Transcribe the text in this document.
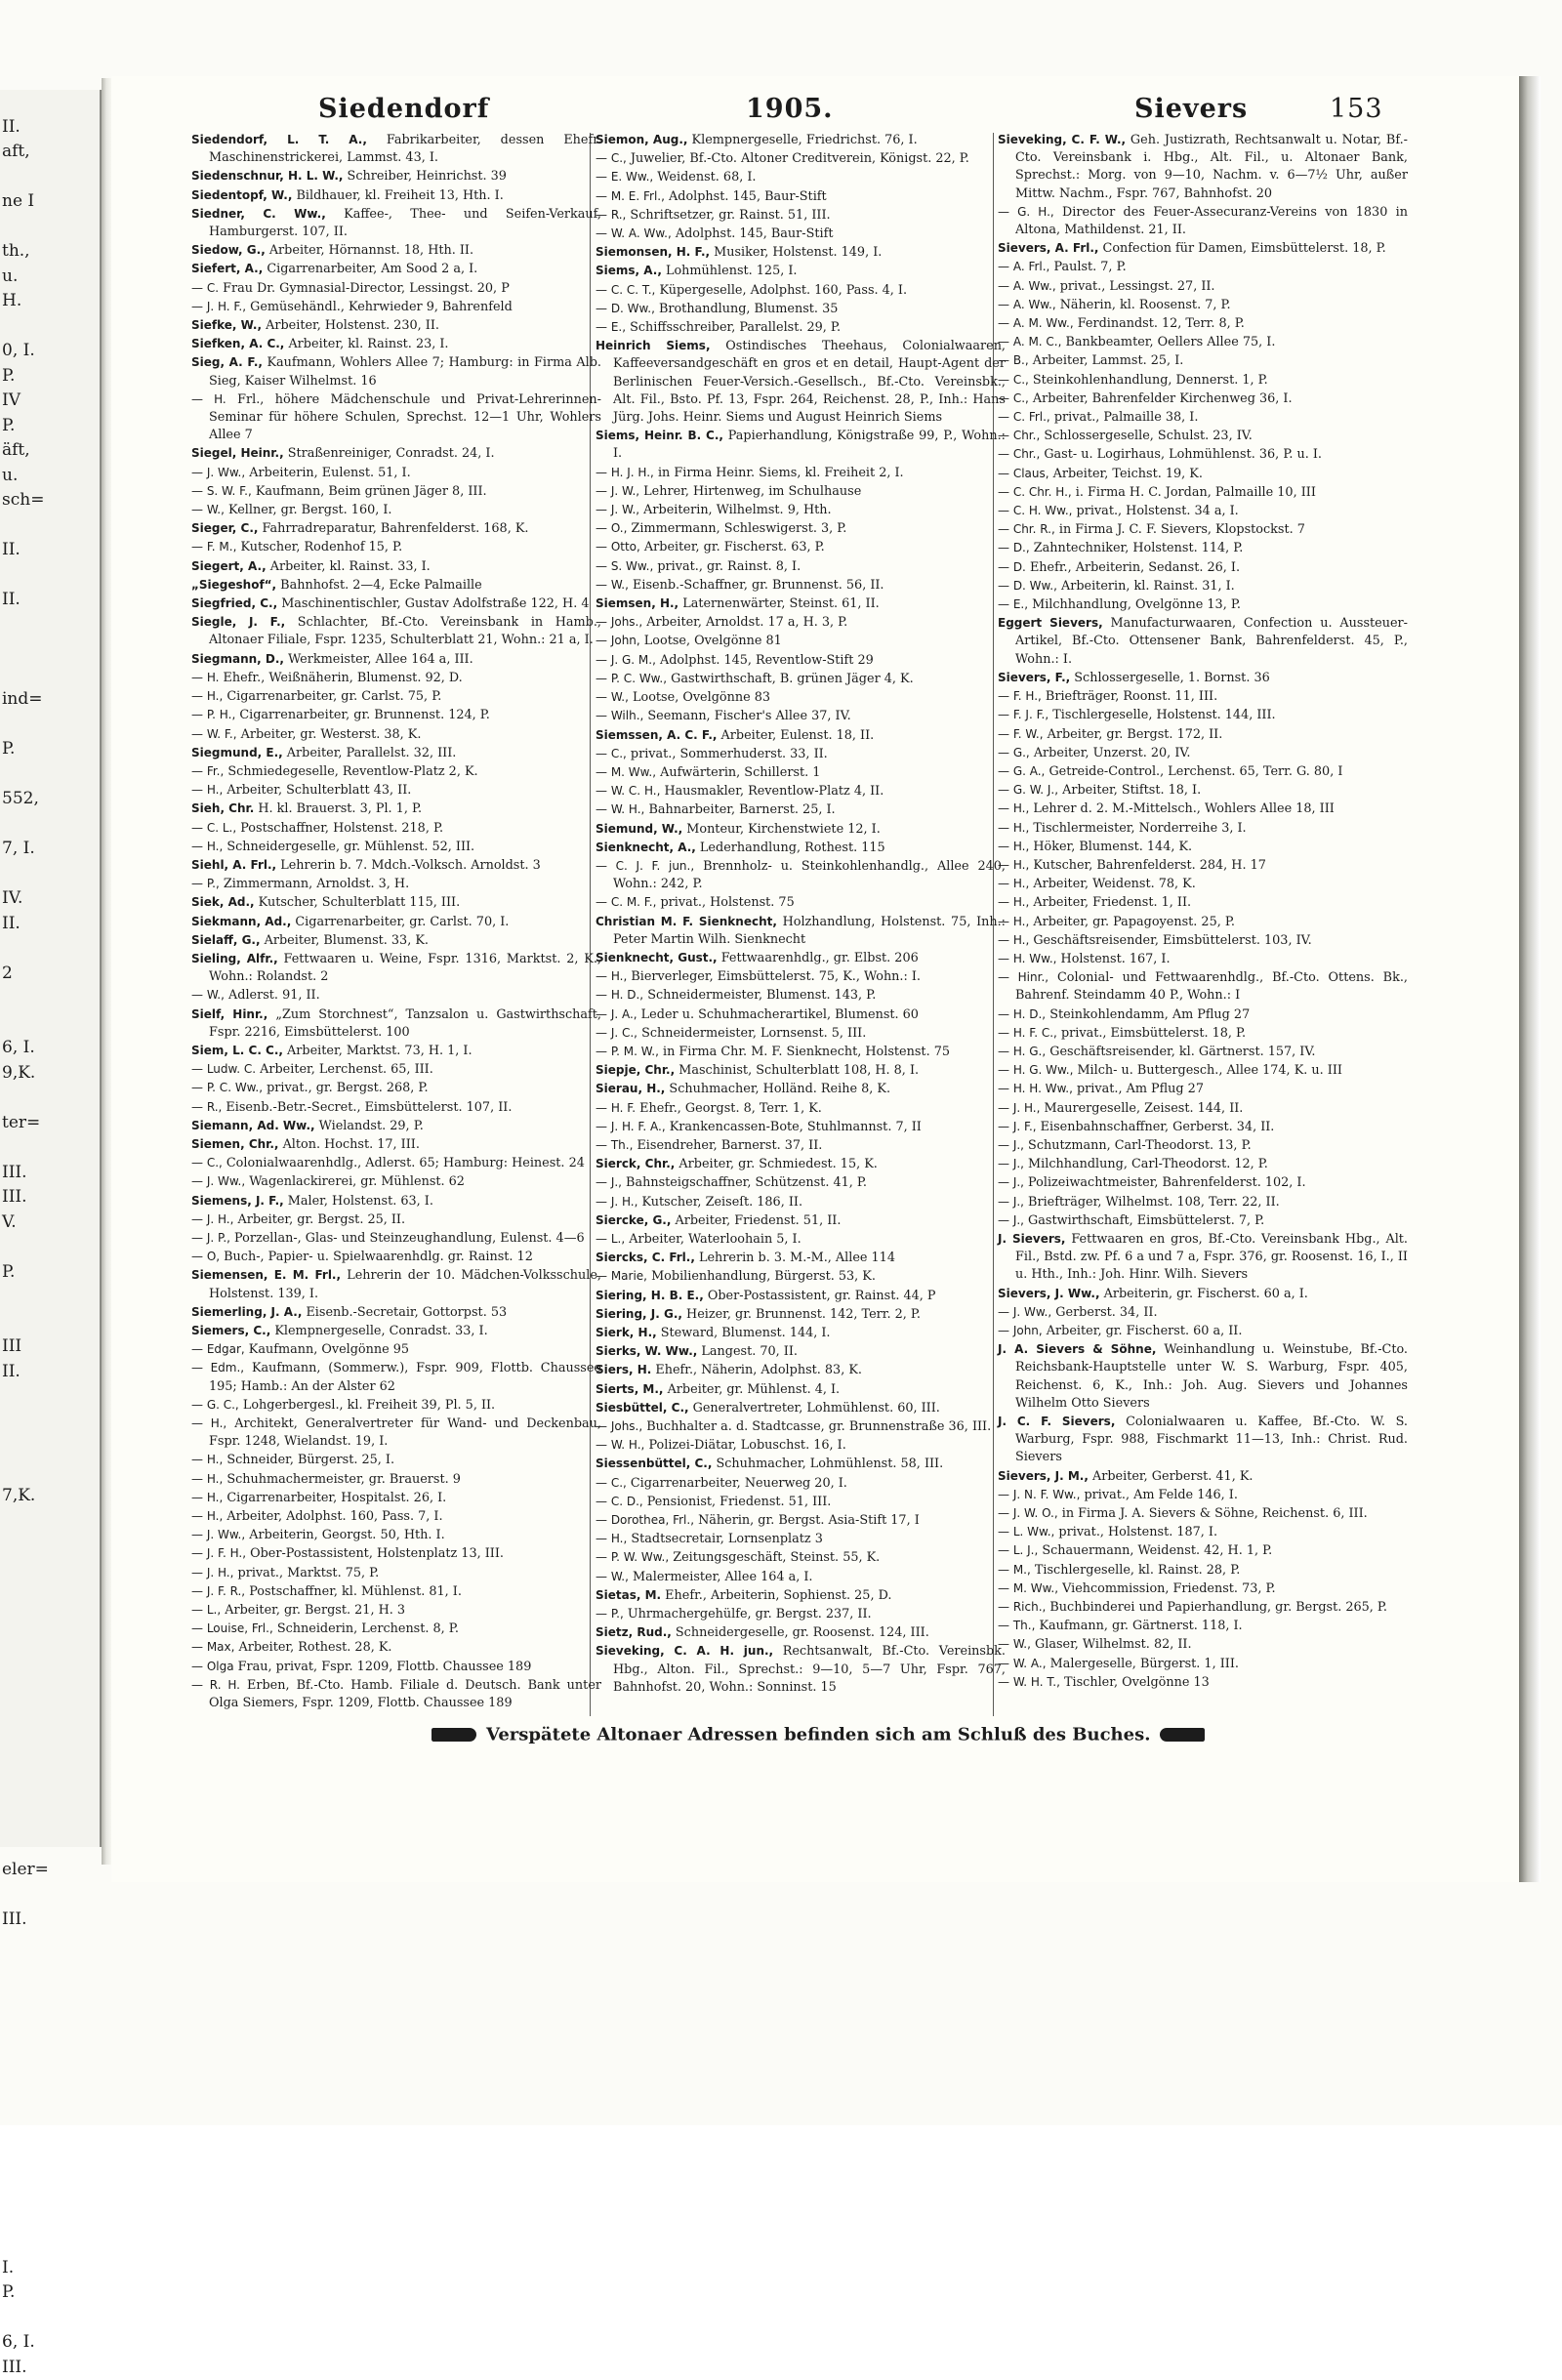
II.
aft,
ne I
th.,
u.
H.
0, I.
P.
IV
P.
äft,
u.
sch=
II.
II.
ind=
P.
552,
7, I.
IV.
II.
2
6, I.
9,K.
ter=
III.
III.
V.
P.
III
II.
7,K.
eler=
III.
I.
P.
6, I.
III.
Siedendorf	1905.	Sievers	153
Siedendorf, L. T. A., Fabrikarbeiter, dessen Ehefr. Maschinenstrickerei, Lammst. 43, I.
Siedenschnur, H. L. W., Schreiber, Heinrichst. 39
Siedentopf, W., Bildhauer, kl. Freiheit 13, Hth. I.
Siedner, C. Ww., Kaffee-, Thee- und Seifen-Verkauf, Hamburgerst. 107, II.
Siedow, G., Arbeiter, Hörnannst. 18, Hth. II.
Siefert, A., Cigarrenarbeiter, Am Sood 2 a, I.
— C. Frau Dr. Gymnasial-Director, Lessingst. 20, P
— J. H. F., Gemüsehändl., Kehrwieder 9, Bahrenfeld
Siefke, W., Arbeiter, Holstenst. 230, II.
Siefken, A. C., Arbeiter, kl. Rainst. 23, I.
Sieg, A. F., Kaufmann, Wohlers Allee 7; Hamburg: in Firma Alb. Sieg, Kaiser Wilhelmst. 16
— H. Frl., höhere Mädchenschule und Privat-Lehrerinnen-Seminar für höhere Schulen, Sprechst. 12—1 Uhr, Wohlers Allee 7
Siegel, Heinr., Straßenreiniger, Conradst. 24, I.
— J. Ww., Arbeiterin, Eulenst. 51, I.
— S. W. F., Kaufmann, Beim grünen Jäger 8, III.
— W., Kellner, gr. Bergst. 160, I.
Sieger, C., Fahrradreparatur, Bahrenfelderst. 168, K.
— F. M., Kutscher, Rodenhof 15, P.
Siegert, A., Arbeiter, kl. Rainst. 33, I.
„Siegeshof“, Bahnhofst. 2—4, Ecke Palmaille
Siegfried, C., Maschinentischler, Gustav Adolfstraße 122, H. 4
Siegle, J. F., Schlachter, Bf.-Cto. Vereinsbank in Hamb., Altonaer Filiale, Fspr. 1235, Schulterblatt 21, Wohn.: 21 a, I.
Siegmann, D., Werkmeister, Allee 164 a, III.
— H. Ehefr., Weißnäherin, Blumenst. 92, D.
— H., Cigarrenarbeiter, gr. Carlst. 75, P.
— P. H., Cigarrenarbeiter, gr. Brunnenst. 124, P.
— W. F., Arbeiter, gr. Westerst. 38, K.
Siegmund, E., Arbeiter, Parallelst. 32, III.
— Fr., Schmiedegeselle, Reventlow-Platz 2, K.
— H., Arbeiter, Schulterblatt 43, II.
Sieh, Chr. H. kl. Brauerst. 3, Pl. 1, P.
— C. L., Postschaffner, Holstenst. 218, P.
— H., Schneidergeselle, gr. Mühlenst. 52, III.
Siehl, A. Frl., Lehrerin b. 7. Mdch.-Volksch. Arnoldst. 3
— P., Zimmermann, Arnoldst. 3, H.
Siek, Ad., Kutscher, Schulterblatt 115, III.
Siekmann, Ad., Cigarrenarbeiter, gr. Carlst. 70, I.
Sielaff, G., Arbeiter, Blumenst. 33, K.
Sieling, Alfr., Fettwaaren u. Weine, Fspr. 1316, Marktst. 2, K., Wohn.: Rolandst. 2
— W., Adlerst. 91, II.
Sielf, Hinr., „Zum Storchnest“, Tanzsalon u. Gastwirthschaft, Fspr. 2216, Eimsbüttelerst. 100
Siem, L. C. C., Arbeiter, Marktst. 73, H. 1, I.
— Ludw. C. Arbeiter, Lerchenst. 65, III.
— P. C. Ww., privat., gr. Bergst. 268, P.
— R., Eisenb.-Betr.-Secret., Eimsbüttelerst. 107, II.
Siemann, Ad. Ww., Wielandst. 29, P.
Siemen, Chr., Alton. Hochst. 17, III.
— C., Colonialwaarenhdlg., Adlerst. 65; Hamburg: Heinest. 24
— J. Ww., Wagenlackirerei, gr. Mühlenst. 62
Siemens, J. F., Maler, Holstenst. 63, I.
— J. H., Arbeiter, gr. Bergst. 25, II.
— J. P., Porzellan-, Glas- und Steinzeughandlung, Eulenst. 4—6
— O, Buch-, Papier- u. Spielwaarenhdlg. gr. Rainst. 12
Siemensen, E. M. Frl., Lehrerin der 10. Mädchen-Volksschule, Holstenst. 139, I.
Siemerling, J. A., Eisenb.-Secretair, Gottorpst. 53
Siemers, C., Klempnergeselle, Conradst. 33, I.
— Edgar, Kaufmann, Ovelgönne 95
— Edm., Kaufmann, (Sommerw.), Fspr. 909, Flottb. Chaussee 195; Hamb.: An der Alster 62
— G. C., Lohgerbergesl., kl. Freiheit 39, Pl. 5, II.
— H., Architekt, Generalvertreter für Wand- und Deckenbau, Fspr. 1248, Wielandst. 19, I.
— H., Schneider, Bürgerst. 25, I.
— H., Schuhmachermeister, gr. Brauerst. 9
— H., Cigarrenarbeiter, Hospitalst. 26, I.
— H., Arbeiter, Adolphst. 160, Pass. 7, I.
— J. Ww., Arbeiterin, Georgst. 50, Hth. I.
— J. F. H., Ober-Postassistent, Holstenplatz 13, III.
— J. H., privat., Marktst. 75, P.
— J. F. R., Postschaffner, kl. Mühlenst. 81, I.
— L., Arbeiter, gr. Bergst. 21, H. 3
— Louise, Frl., Schneiderin, Lerchenst. 8, P.
— Max, Arbeiter, Rothest. 28, K.
— Olga Frau, privat, Fspr. 1209, Flottb. Chaussee 189
— R. H. Erben, Bf.-Cto. Hamb. Filiale d. Deutsch. Bank unter Olga Siemers, Fspr. 1209, Flottb. Chaussee 189
Siemon, Aug., Klempnergeselle, Friedrichst. 76, I.
— C., Juwelier, Bf.-Cto. Altoner Creditverein, Königst. 22, P.
— E. Ww., Weidenst. 68, I.
— M. E. Frl., Adolphst. 145, Baur-Stift
— R., Schriftsetzer, gr. Rainst. 51, III.
— W. A. Ww., Adolphst. 145, Baur-Stift
Siemonsen, H. F., Musiker, Holstenst. 149, I.
Siems, A., Lohmühlenst. 125, I.
— C. C. T., Küpergeselle, Adolphst. 160, Pass. 4, I.
— D. Ww., Brothandlung, Blumenst. 35
— E., Schiffsschreiber, Parallelst. 29, P.
Heinrich Siems, Ostindisches Theehaus, Colonialwaaren, Kaffeeversandgeschäft en gros et en detail, Haupt-Agent der Berlinischen Feuer-Versich.-Gesellsch., Bf.-Cto. Vereinsbk., Alt. Fil., Bsto. Pf. 13, Fspr. 264, Reichenst. 28, P., Inh.: Hans Jürg. Johs. Heinr. Siems und August Heinrich Siems
Siems, Heinr. B. C., Papierhandlung, Königstraße 99, P., Wohn.: I.
— H. J. H., in Firma Heinr. Siems, kl. Freiheit 2, I.
— J. W., Lehrer, Hirtenweg, im Schulhause
— J. W., Arbeiterin, Wilhelmst. 9, Hth.
— O., Zimmermann, Schleswigerst. 3, P.
— Otto, Arbeiter, gr. Fischerst. 63, P.
— S. Ww., privat., gr. Rainst. 8, I.
— W., Eisenb.-Schaffner, gr. Brunnenst. 56, II.
Siemsen, H., Laternenwärter, Steinst. 61, II.
— Johs., Arbeiter, Arnoldst. 17 a, H. 3, P.
— John, Lootse, Ovelgönne 81
— J. G. M., Adolphst. 145, Reventlow-Stift 29
— P. C. Ww., Gastwirthschaft, B. grünen Jäger 4, K.
— W., Lootse, Ovelgönne 83
— Wilh., Seemann, Fischer's Allee 37, IV.
Siemssen, A. C. F., Arbeiter, Eulenst. 18, II.
— C., privat., Sommerhuderst. 33, II.
— M. Ww., Aufwärterin, Schillerst. 1
— W. C. H., Hausmakler, Reventlow-Platz 4, II.
— W. H., Bahnarbeiter, Barnerst. 25, I.
Siemund, W., Monteur, Kirchenstwiete 12, I.
Sienknecht, A., Lederhandlung, Rothest. 115
— C. J. F. jun., Brennholz- u. Steinkohlenhandlg., Allee 240, Wohn.: 242, P.
— C. M. F., privat., Holstenst. 75
Christian M. F. Sienknecht, Holzhandlung, Holstenst. 75, Inh.: Peter Martin Wilh. Sienknecht
Sienknecht, Gust., Fettwaarenhdlg., gr. Elbst. 206
— H., Bierverleger, Eimsbüttelerst. 75, K., Wohn.: I.
— H. D., Schneidermeister, Blumenst. 143, P.
— J. A., Leder u. Schuhmacherartikel, Blumenst. 60
— J. C., Schneidermeister, Lornsenst. 5, III.
— P. M. W., in Firma Chr. M. F. Sienknecht, Holstenst. 75
Siepje, Chr., Maschinist, Schulterblatt 108, H. 8, I.
Sierau, H., Schuhmacher, Holländ. Reihe 8, K.
— H. F. Ehefr., Georgst. 8, Terr. 1, K.
— J. H. F. A., Krankencassen-Bote, Stuhlmannst. 7, II
— Th., Eisendreher, Barnerst. 37, II.
Sierck, Chr., Arbeiter, gr. Schmiedest. 15, K.
— J., Bahnsteigschaffner, Schützenst. 41, P.
— J. H., Kutscher, Zeiseſt. 186, II.
Siercke, G., Arbeiter, Friedenst. 51, II.
— L., Arbeiter, Waterloohain 5, I.
Siercks, C. Frl., Lehrerin b. 3. M.-M., Allee 114
— Marie, Mobilienhandlung, Bürgerst. 53, K.
Siering, H. B. E., Ober-Postassistent, gr. Rainst. 44, P
Siering, J. G., Heizer, gr. Brunnenst. 142, Terr. 2, P.
Sierk, H., Steward, Blumenst. 144, I.
Sierks, W. Ww., Langest. 70, II.
Siers, H. Ehefr., Näherin, Adolphst. 83, K.
Sierts, M., Arbeiter, gr. Mühlenst. 4, I.
Siesbüttel, C., Generalvertreter, Lohmühlenst. 60, III.
— Johs., Buchhalter a. d. Stadtcasse, gr. Brunnenstraße 36, III.
— W. H., Polizei-Diätar, Lobuschst. 16, I.
Siessenbüttel, C., Schuhmacher, Lohmühlenst. 58, III.
— C., Cigarrenarbeiter, Neuerweg 20, I.
— C. D., Pensionist, Friedenst. 51, III.
— Dorothea, Frl., Näherin, gr. Bergst. Asia-Stift 17, I
— H., Stadtsecretair, Lornsenplatz 3
— P. W. Ww., Zeitungsgeschäft, Steinst. 55, K.
— W., Malermeister, Allee 164 a, I.
Sietas, M. Ehefr., Arbeiterin, Sophienst. 25, D.
— P., Uhrmachergehülfe, gr. Bergst. 237, II.
Sietz, Rud., Schneidergeselle, gr. Roosenst. 124, III.
Sieveking, C. A. H. jun., Rechtsanwalt, Bf.-Cto. Vereinsbk. Hbg., Alton. Fil., Sprechst.: 9—10, 5—7 Uhr, Fspr. 767, Bahnhofst. 20, Wohn.: Sonninst. 15
Sieveking, C. F. W., Geh. Justizrath, Rechtsanwalt u. Notar, Bf.-Cto. Vereinsbank i. Hbg., Alt. Fil., u. Altonaer Bank, Sprechst.: Morg. von 9—10, Nachm. v. 6—7½ Uhr, außer Mittw. Nachm., Fspr. 767, Bahnhofst. 20
— G. H., Director des Feuer-Assecuranz-Vereins von 1830 in Altona, Mathildenst. 21, II.
Sievers, A. Frl., Confection für Damen, Eimsbüttelerst. 18, P.
— A. Frl., Paulst. 7, P.
— A. Ww., privat., Lessingst. 27, II.
— A. Ww., Näherin, kl. Roosenst. 7, P.
— A. M. Ww., Ferdinandst. 12, Terr. 8, P.
— A. M. C., Bankbeamter, Oellers Allee 75, I.
— B., Arbeiter, Lammst. 25, I.
— C., Steinkohlenhandlung, Dennerst. 1, P.
— C., Arbeiter, Bahrenfelder Kirchenweg 36, I.
— C. Frl., privat., Palmaille 38, I.
— Chr., Schlossergeselle, Schulst. 23, IV.
— Chr., Gast- u. Logirhaus, Lohmühlenst. 36, P. u. I.
— Claus, Arbeiter, Teichst. 19, K.
— C. Chr. H., i. Firma H. C. Jordan, Palmaille 10, III
— C. H. Ww., privat., Holstenst. 34 a, I.
— Chr. R., in Firma J. C. F. Sievers, Klopstockst. 7
— D., Zahntechniker, Holstenst. 114, P.
— D. Ehefr., Arbeiterin, Sedanst. 26, I.
— D. Ww., Arbeiterin, kl. Rainst. 31, I.
— E., Milchhandlung, Ovelgönne 13, P.
Eggert Sievers, Manufacturwaaren, Confection u. Aussteuer-Artikel, Bf.-Cto. Ottensener Bank, Bahrenfelderst. 45, P., Wohn.: I.
Sievers, F., Schlossergeselle, 1. Bornst. 36
— F. H., Briefträger, Roonst. 11, III.
— F. J. F., Tischlergeselle, Holstenst. 144, III.
— F. W., Arbeiter, gr. Bergst. 172, II.
— G., Arbeiter, Unzerst. 20, IV.
— G. A., Getreide-Control., Lerchenst. 65, Terr. G. 80, I
— G. W. J., Arbeiter, Stiftst. 18, I.
— H., Lehrer d. 2. M.-Mittelsch., Wohlers Allee 18, III
— H., Tischlermeister, Norderreihe 3, I.
— H., Höker, Blumenst. 144, K.
— H., Kutscher, Bahrenfelderst. 284, H. 17
— H., Arbeiter, Weidenst. 78, K.
— H., Arbeiter, Friedenst. 1, II.
— H., Arbeiter, gr. Papagoyenst. 25, P.
— H., Geschäftsreisender, Eimsbüttelerst. 103, IV.
— H. Ww., Holstenst. 167, I.
— Hinr., Colonial- und Fettwaarenhdlg., Bf.-Cto. Ottens. Bk., Bahrenf. Steindamm 40 P., Wohn.: I
— H. D., Steinkohlendamm, Am Pflug 27
— H. F. C., privat., Eimsbüttelerst. 18, P.
— H. G., Geschäftsreisender, kl. Gärtnerst. 157, IV.
— H. G. Ww., Milch- u. Buttergesch., Allee 174, K. u. III
— H. H. Ww., privat., Am Pflug 27
— J. H., Maurergeselle, Zeisest. 144, II.
— J. F., Eisenbahnschaffner, Gerberst. 34, II.
— J., Schutzmann, Carl-Theodorst. 13, P.
— J., Milchhandlung, Carl-Theodorst. 12, P.
— J., Polizeiwachtmeister, Bahrenfelderst. 102, I.
— J., Briefträger, Wilhelmst. 108, Terr. 22, II.
— J., Gastwirthschaft, Eimsbüttelerst. 7, P.
J. Sievers, Fettwaaren en gros, Bf.-Cto. Vereinsbank Hbg., Alt. Fil., Bstd. zw. Pf. 6 a und 7 a, Fspr. 376, gr. Roosenst. 16, I., II u. Hth., Inh.: Joh. Hinr. Wilh. Sievers
Sievers, J. Ww., Arbeiterin, gr. Fischerst. 60 a, I.
— J. Ww., Gerberst. 34, II.
— John, Arbeiter, gr. Fischerst. 60 a, II.
J. A. Sievers & Söhne, Weinhandlung u. Weinstube, Bf.-Cto. Reichsbank-Hauptstelle unter W. S. Warburg, Fspr. 405, Reichenst. 6, K., Inh.: Joh. Aug. Sievers und Johannes Wilhelm Otto Sievers
J. C. F. Sievers, Colonialwaaren u. Kaffee, Bf.-Cto. W. S. Warburg, Fspr. 988, Fischmarkt 11—13, Inh.: Christ. Rud. Sievers
Sievers, J. M., Arbeiter, Gerberst. 41, K.
— J. N. F. Ww., privat., Am Felde 146, I.
— J. W. O., in Firma J. A. Sievers & Söhne, Reichenst. 6, III.
— L. Ww., privat., Holstenst. 187, I.
— L. J., Schauermann, Weidenst. 42, H. 1, P.
— M., Tischlergeselle, kl. Rainst. 28, P.
— M. Ww., Viehcommission, Friedenst. 73, P.
— Rich., Buchbinderei und Papierhandlung, gr. Bergst. 265, P.
— Th., Kaufmann, gr. Gärtnerst. 118, I.
— W., Glaser, Wilhelmst. 82, II.
— W. A., Malergeselle, Bürgerst. 1, III.
— W. H. T., Tischler, Ovelgönne 13
Verspätete Altonaer Adressen befinden sich am Schluß des Buches.
